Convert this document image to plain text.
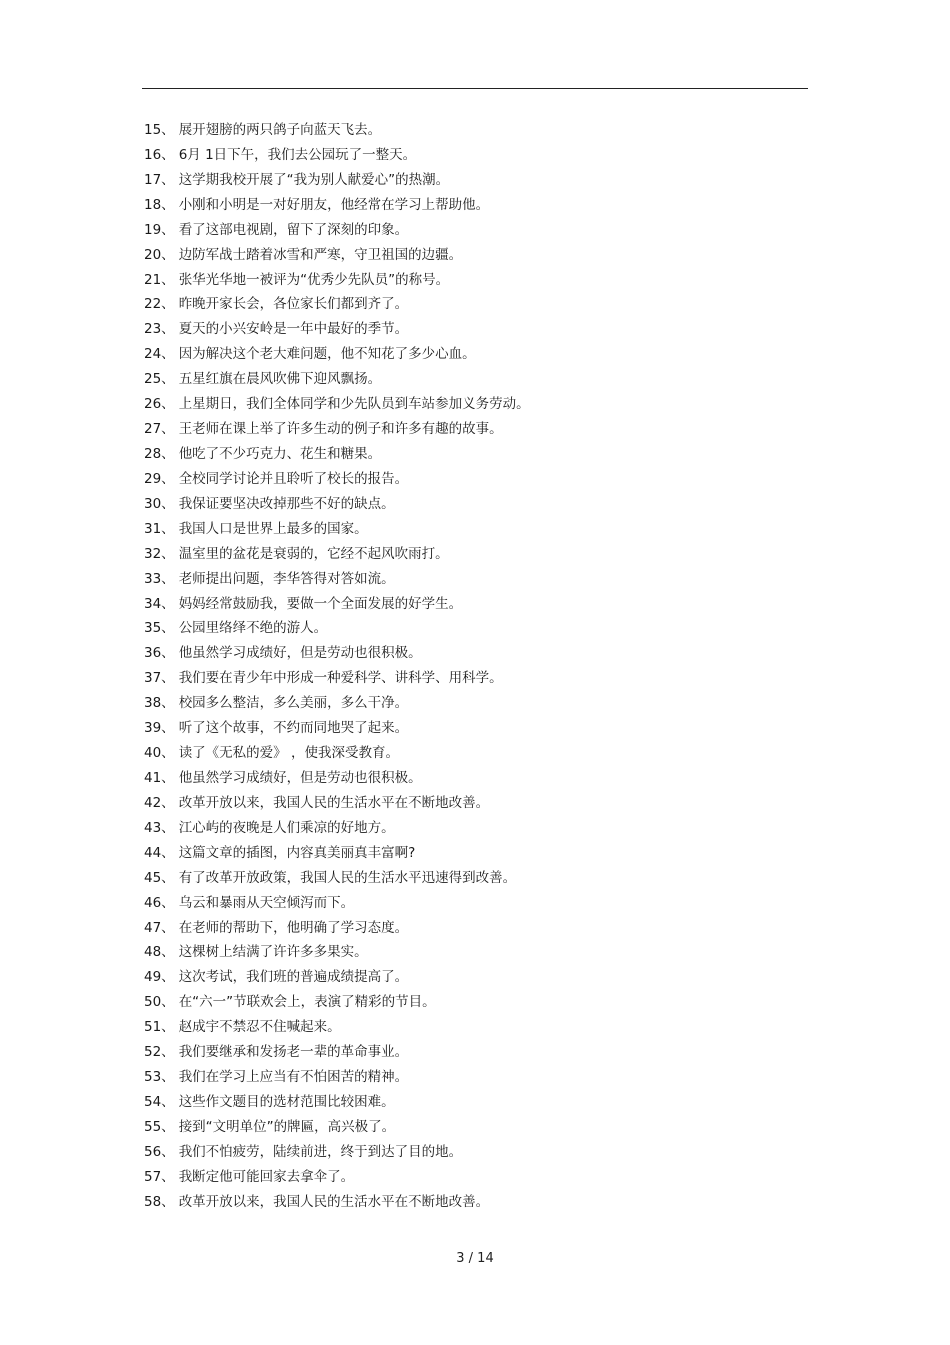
15、 展开翅膀的两只鸽子向蓝天飞去。
16、 6月 1日下午，我们去公园玩了一整天。
17、 这学期我校开展了“我为别人献爱心”的热潮。
18、 小刚和小明是一对好朋友，他经常在学习上帮助他。
19、 看了这部电视剧，留下了深刻的印象。
20、 边防军战士踏着冰雪和严寒，守卫祖国的边疆。
21、 张华光华地一被评为“优秀少先队员”的称号。
22、 昨晚开家长会，各位家长们都到齐了。
23、 夏天的小兴安岭是一年中最好的季节。
24、 因为解决这个老大难问题，他不知花了多少心血。
25、 五星红旗在晨风吹佛下迎风飘扬。
26、 上星期日，我们全体同学和少先队员到车站参加义务劳动。
27、 王老师在课上举了许多生动的例子和许多有趣的故事。
28、 他吃了不少巧克力、花生和糖果。
29、 全校同学讨论并且聆听了校长的报告。
30、 我保证要坚决改掉那些不好的缺点。
31、 我国人口是世界上最多的国家。
32、 温室里的盆花是衰弱的，它经不起风吹雨打。
33、 老师提出问题，李华答得对答如流。
34、 妈妈经常鼓励我，要做一个全面发展的好学生。
35、 公园里络绎不绝的游人。
36、 他虽然学习成绩好，但是劳动也很积极。
37、 我们要在青少年中形成一种爱科学、讲科学、用科学。
38、 校园多么整洁，多么美丽，多么干净。
39、 听了这个故事，不约而同地哭了起来。
40、 读了《无私的爱》 ，使我深受教育。
41、 他虽然学习成绩好，但是劳动也很积极。
42、 改革开放以来，我国人民的生活水平在不断地改善。
43、 江心屿的夜晚是人们乘凉的好地方。
44、 这篇文章的插图，内容真美丽真丰富啊?
45、 有了改革开放政策，我国人民的生活水平迅速得到改善。
46、 乌云和暴雨从天空倾泻而下。
47、 在老师的帮助下，他明确了学习态度。
48、 这棵树上结满了许许多多果实。
49、 这次考试，我们班的普遍成绩提高了。
50、 在“六一”节联欢会上，表演了精彩的节目。
51、 赵成宇不禁忍不住喊起来。
52、 我们要继承和发扬老一辈的革命事业。
53、 我们在学习上应当有不怕困苦的精神。
54、 这些作文题目的选材范围比较困难。
55、 接到“文明单位”的牌匾，高兴极了。
56、 我们不怕疲劳，陆续前进，终于到达了目的地。
57、 我断定他可能回家去拿伞了。
58、 改革开放以来，我国人民的生活水平在不断地改善。
3 / 14
